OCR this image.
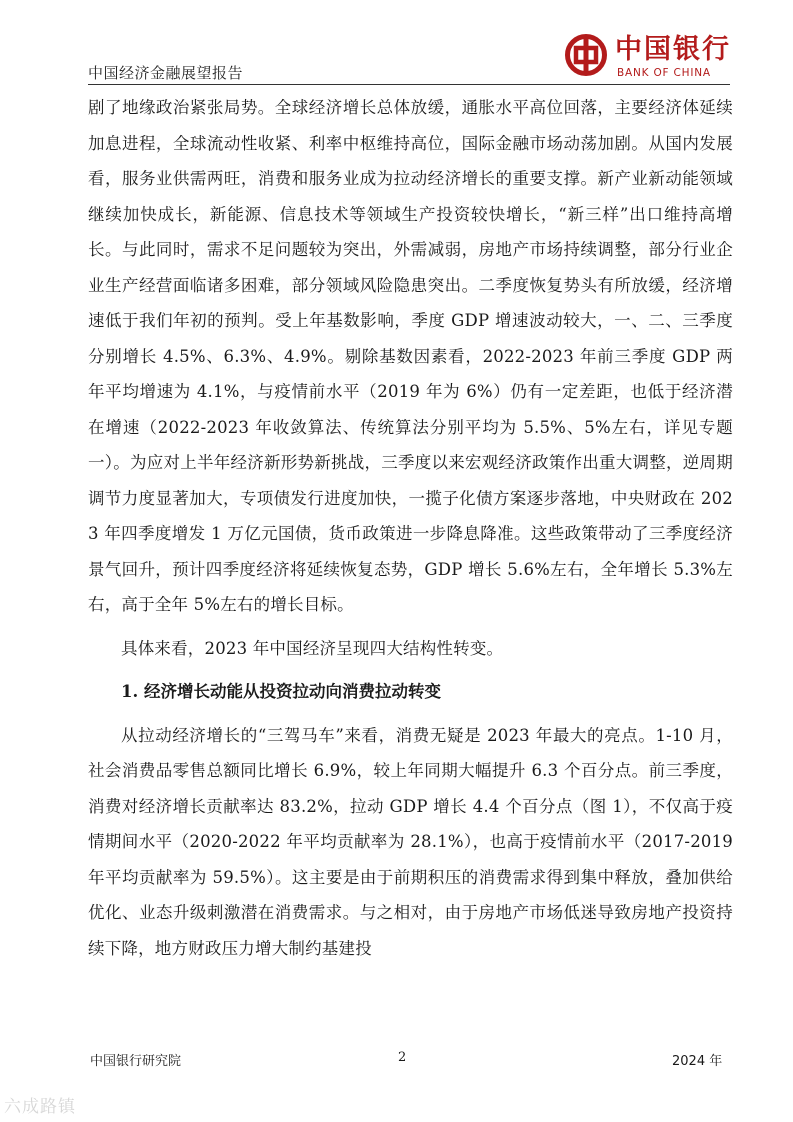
中国经济金融展望报告
中国银行
BANK OF CHINA

剧了地缘政治紧张局势。全球经济增长总体放缓，通胀水平高位回落，主要经济体延续加息进程，全球流动性收紧、利率中枢维持高位，国际金融市场动荡加剧。从国内发展看，服务业供需两旺，消费和服务业成为拉动经济增长的重要支撑。新产业新动能领域继续加快成长，新能源、信息技术等领域生产投资较快增长，“新三样”出口维持高增长。与此同时，需求不足问题较为突出，外需减弱，房地产市场持续调整，部分行业企业生产经营面临诸多困难，部分领域风险隐患突出。二季度恢复势头有所放缓，经济增速低于我们年初的预判。受上年基数影响，季度 GDP 增速波动较大，一、二、三季度分别增长 4.5%、6.3%、4.9%。剔除基数因素看，2022-2023 年前三季度 GDP 两年平均增速为 4.1%，与疫情前水平（2019 年为 6%）仍有一定差距，也低于经济潜在增速（2022-2023 年收敛算法、传统算法分别平均为 5.5%、5%左右，详见专题一）。为应对上半年经济新形势新挑战，三季度以来宏观经济政策作出重大调整，逆周期调节力度显著加大，专项债发行进度加快，一揽子化债方案逐步落地，中央财政在 2023 年四季度增发 1 万亿元国债，货币政策进一步降息降准。这些政策带动了三季度经济景气回升，预计四季度经济将延续恢复态势，GDP 增长 5.6%左右，全年增长 5.3%左右，高于全年 5%左右的增长目标。

具体来看，2023 年中国经济呈现四大结构性转变。

1. 经济增长动能从投资拉动向消费拉动转变

从拉动经济增长的“三驾马车”来看，消费无疑是 2023 年最大的亮点。1-10 月，社会消费品零售总额同比增长 6.9%，较上年同期大幅提升 6.3 个百分点。前三季度，消费对经济增长贡献率达 83.2%，拉动 GDP 增长 4.4 个百分点（图 1），不仅高于疫情期间水平（2020-2022 年平均贡献率为 28.1%），也高于疫情前水平（2017-2019 年平均贡献率为 59.5%）。这主要是由于前期积压的消费需求得到集中释放，叠加供给优化、业态升级刺激潜在消费需求。与之相对，由于房地产市场低迷导致房地产投资持续下降，地方财政压力增大制约基建投

中国银行研究院	2	2024 年
六成路镇
